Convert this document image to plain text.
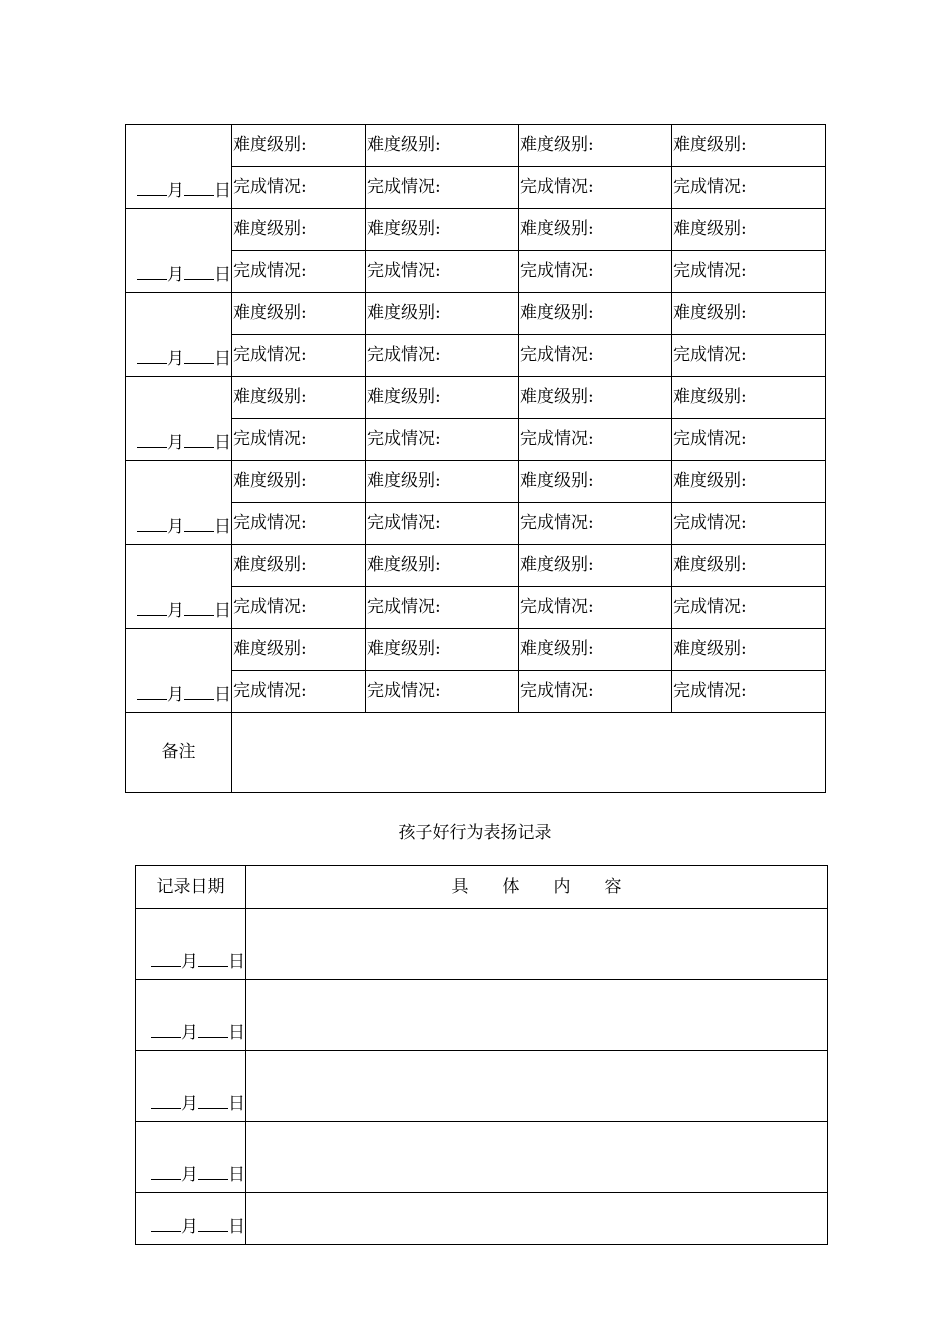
月 日	难度级别:	难度级别:	难度级别:	难度级别:
	完成情况:	完成情况:	完成情况:	完成情况:
月 日	难度级别:	难度级别:	难度级别:	难度级别:
	完成情况:	完成情况:	完成情况:	完成情况:
月 日	难度级别:	难度级别:	难度级别:	难度级别:
	完成情况:	完成情况:	完成情况:	完成情况:
月 日	难度级别:	难度级别:	难度级别:	难度级别:
	完成情况:	完成情况:	完成情况:	完成情况:
月 日	难度级别:	难度级别:	难度级别:	难度级别:
	完成情况:	完成情况:	完成情况:	完成情况:
月 日	难度级别:	难度级别:	难度级别:	难度级别:
	完成情况:	完成情况:	完成情况:	完成情况:
月 日	难度级别:	难度级别:	难度级别:	难度级别:
	完成情况:	完成情况:	完成情况:	完成情况:
备注				
孩子好行为表扬记录
记录日期	具 体 内 容
月 日	
月 日	
月 日	
月 日	
月 日	
